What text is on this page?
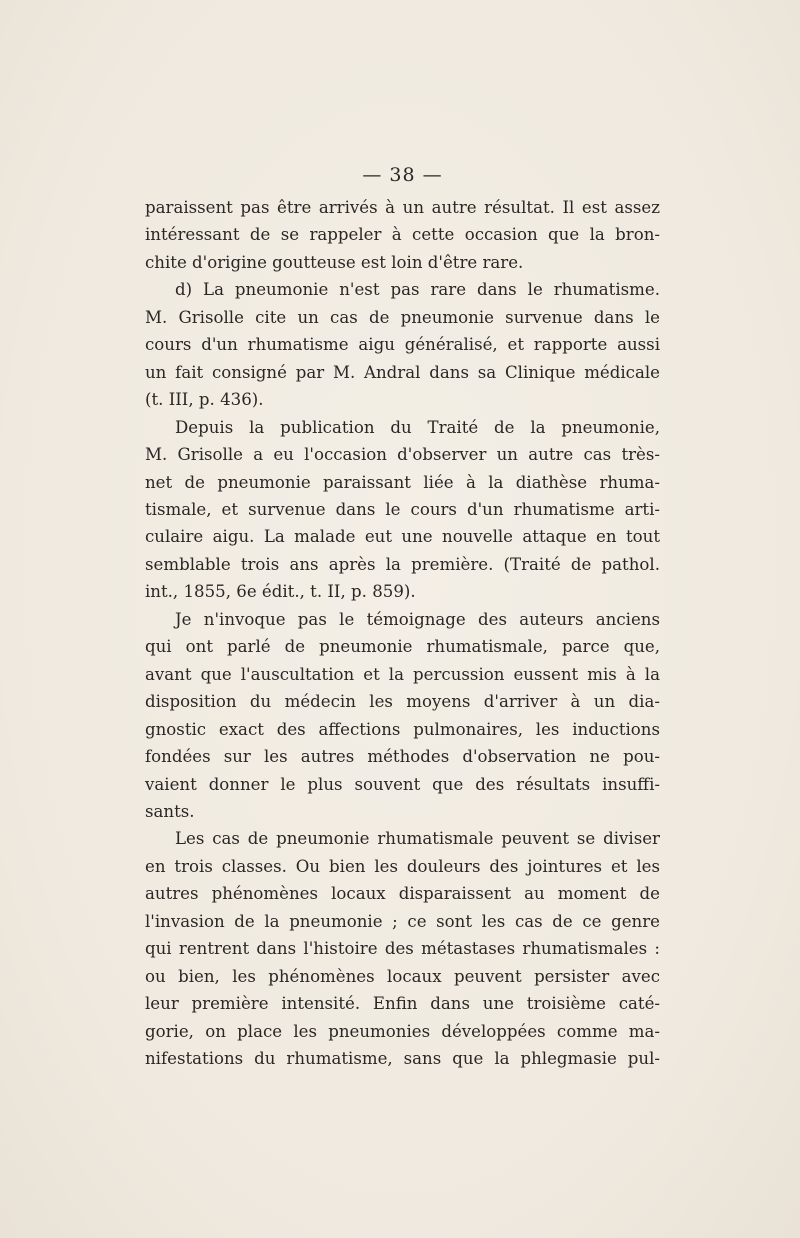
— 38 —
paraissent pas être arrivés à un autre résultat. Il est assez
intéressant de se rappeler à cette occasion que la bron-
chite d'origine goutteuse est loin d'être rare.
d) La pneumonie n'est pas rare dans le rhumatisme.
M. Grisolle cite un cas de pneumonie survenue dans le
cours d'un rhumatisme aigu généralisé, et rapporte aussi
un fait consigné par M. Andral dans sa Clinique médicale
(t. III, p. 436).
Depuis la publication du Traité de la pneumonie,
M. Grisolle a eu l'occasion d'observer un autre cas très-
net de pneumonie paraissant liée à la diathèse rhuma-
tismale, et survenue dans le cours d'un rhumatisme arti-
culaire aigu. La malade eut une nouvelle attaque en tout
semblable trois ans après la première. (Traité de pathol.
int., 1855, 6e édit., t. II, p. 859).
Je n'invoque pas le témoignage des auteurs anciens
qui ont parlé de pneumonie rhumatismale, parce que,
avant que l'auscultation et la percussion eussent mis à la
disposition du médecin les moyens d'arriver à un dia-
gnostic exact des affections pulmonaires, les inductions
fondées sur les autres méthodes d'observation ne pou-
vaient donner le plus souvent que des résultats insuffi-
sants.
Les cas de pneumonie rhumatismale peuvent se diviser
en trois classes. Ou bien les douleurs des jointures et les
autres phénomènes locaux disparaissent au moment de
l'invasion de la pneumonie ; ce sont les cas de ce genre
qui rentrent dans l'histoire des métastases rhumatismales :
ou bien, les phénomènes locaux peuvent persister avec
leur première intensité. Enfin dans une troisième caté-
gorie, on place les pneumonies développées comme ma-
nifestations du rhumatisme, sans que la phlegmasie pul-
